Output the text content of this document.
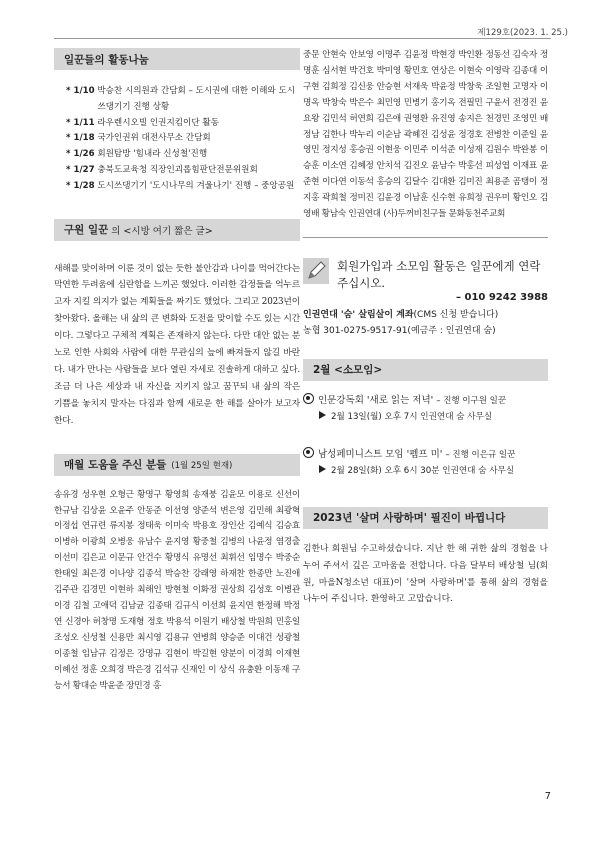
제129호(2023. 1. 25.)
일꾼들의 활동나눔
* 1/10
박승찬 시의원과 간담회 – 도시권에 대한 이해와 도시쓰댕기기 진행 상황
* 1/11
라우렌시오빌 인권지킴이단 활동
* 1/18
국가인권위 대전사무소 간담회
* 1/26
회원탐방 '힘내라 신성철'진행
* 1/27
충북도교육청 직장인괴롭힘판단전문위원회
* 1/28
도시쓰댕기기 '도시나무의 겨울나기' 진행 – 중앙공원
구원 일꾼 의 <시방 여기 짧은 글>

새해를 맞이하며 이룬 것이 없는 듯한 불안감과 나이를 먹어간다는 막연한 두려움에 심란함을 느끼곤 했었다. 이러한 감정들을 억누르고자 지킬 의지가 없는 계획들을 짜기도 했었다. 그리고 2023년이 찾아왔다. 올해는 내 삶의 큰 변화와 도전을 맞이할 수도 있는 시간이다. 그렇다고 구체적 계획은 존재하지 않는다. 다만 대안 없는 분노로 인한 사회와 사람에 대한 무관심의 늪에 빠져들지 않길 바란다. 내가 만나는 사람들을 보다 열린 자세로 진솔하게 대하고 싶다. 조금 더 나은 세상과 내 자신을 지키지 않고 꿈꾸되 내 삶의 작은 기쁨을 놓치지 말자는 다짐과 함께 새로운 한 해를 살아가 보고자 한다.

매월 도움을 주신 분들 (1월 25일 현재)
송유경 성우현 오형근 황명구 황영희 송재붕 김윤모 이용로 신선이 한규남 김상윤 오윤주 안동준 이선영 양준석 변은영 김민해 최광혁 이정섭 연규련 류지봉 정태욱 이미숙 박용호 장인산 김예식 김승효 이병하 이광희 오병웅 유남수 윤지영 황중철 김병의 나윤정 염경출 이선미 김은교 이문규 안건수 황명식 유명선 최휘선 임명수 박중순 한태일 최은경 이나양 김종석 박승찬 강래영 하재찬 한종만 노진애 김주관 김경민 이현하 최해인 방현철 이화정 권상희 김성호 이병관 이경 김철 고애덕 김남균 김종태 김규식 이선희 윤지연 한정해 박정연 신경아 허창명 도재형 정호 박용석 이원기 배상철 박원희 민홍일 조성오 신성철 신용만 최시영 김용규 연병희 양승준 이대건 성광철 이종철 임남규 김정은 강명규 김현이 박길현 양분이 이경희 이재현 이혜선 정훈 오희경 박은경 김석규 신재인 이 상식 유충환 이동재 구능서 황대순 박윤준 장민경 홍
중문 안현숙 안보영 이명주 김윤정 박현경 박인환 정동선 김숙자 정명훈 심서현 박건호 박미영 황민호 연상은 이현숙 이영락 김종대 이구현 김희정 김신웅 안승현 서재욱 박윤정 박창욱 조일현 고명자 이명옥 박창숙 박은수 최민영 민병기 홍기옥 전필민 구윤서 전경진 윤요왕 김민석 허연희 김은애 권영환 유진영 송지은 천경민 조영민 배정남 김한나 박누리 이순남 곽혜진 김성윤 정경호 전병찬 이준일 윤영민 정지성 홍승권 이현웅 이민주 이석준 이성재 김원수 박완봉 이승훈 이소연 김혜정 안치석 김진오 윤남수 박홍선 피성엽 이재표 윤준현 이다연 이동석 홍승의 김달수 김대환 김미진 최용준 곰탱이 정지홍 곽희철 정미진 김윤경 이남훈 신수현 유희정 권우미 황인오 김영배 황남숙 인권연대 (사)두꺼비친구들 문화동천주교회
회원가입과 소모임 활동은 일꾼에게 연락 주십시오.
– 010 9242 3988
인권연대 '숨' 살림살이 계좌(CMS 신청 받습니다)
농협 301-0275-9517-91(예금주 : 인권연대 숨)
2월 <소모임>
인문강독회 '새로 읽는 저녁' – 진행 이구원 일꾼
2월 13일(월) 오후 7시 인권연대 숨 사무실
남성페미니스트 모임 '펨프 미' – 진행 이은규 일꾼
2월 28일(화) 오후 6시 30분 인권연대 숨 사무실
2023년 '살며 사랑하며' 필진이 바뀝니다
김한나 회원님 수고하셨습니다. 지난 한 해 귀한 삶의 경험을 나누어 주셔서 깊은 고마움을 전합니다. 다음 달부터 배상철 님(회원, 마을N청소년 대표)이 '살며 사랑하며'를 통해 삶의 경험을 나누어 주십니다. 환영하고 고맙습니다.
7
